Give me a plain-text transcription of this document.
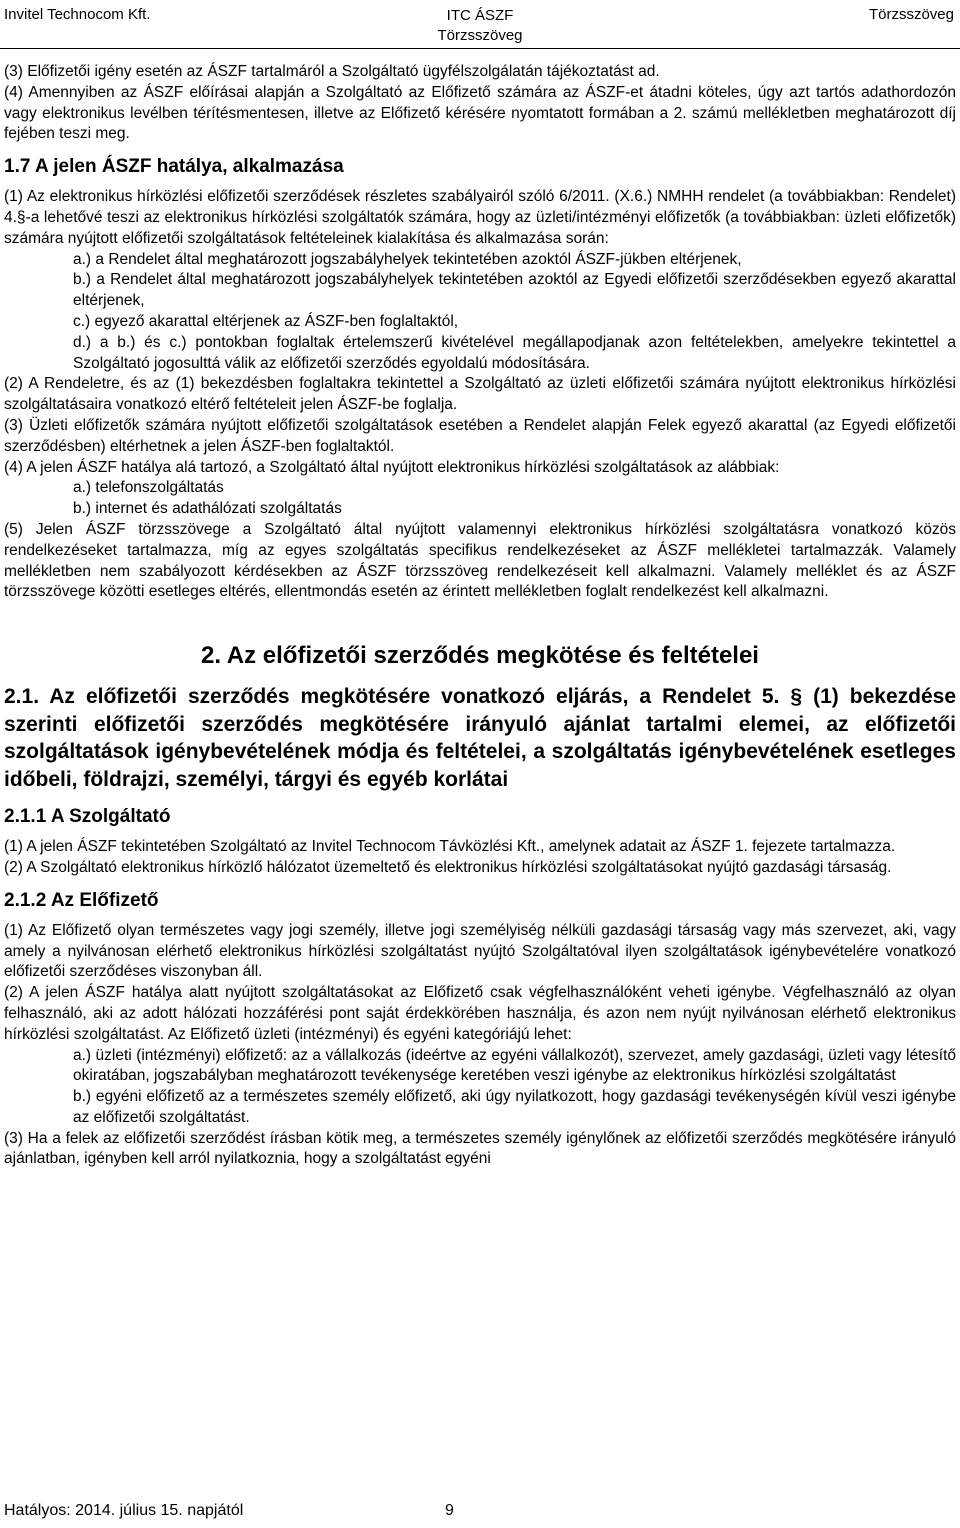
Invitel Technocom Kft.	ITC ÁSZF
Törzsszöveg
Törzsszöveg

(3) Előfizetői igény esetén az ÁSZF tartalmáról a Szolgáltató ügyfélszolgálatán tájékoztatást ad.

(4) Amennyiben az ÁSZF előírásai alapján a Szolgáltató az Előfizető számára az ÁSZF-et átadni köteles, úgy azt tartós adathordozón vagy elektronikus levélben térítésmentesen, illetve az Előfizető kérésére nyomtatott formában a 2. számú mellékletben meghatározott díj fejében teszi meg.

1.7 A jelen ÁSZF hatálya, alkalmazása

(1) Az elektronikus hírközlési előfizetői szerződések részletes szabályairól szóló 6/2011. (X.6.) NMHH rendelet (a továbbiakban: Rendelet) 4.§-a lehetővé teszi az elektronikus hírközlési szolgáltatók számára, hogy az üzleti/intézményi előfizetők (a továbbiakban: üzleti előfizetők) számára nyújtott előfizetői szolgáltatások feltételeinek kialakítása és alkalmazása során:

a.) a Rendelet által meghatározott jogszabályhelyek tekintetében azoktól ÁSZF-jükben eltérjenek,

b.) a Rendelet által meghatározott jogszabályhelyek tekintetében azoktól az Egyedi előfizetői szerződésekben egyező akarattal eltérjenek,

c.) egyező akarattal eltérjenek az ÁSZF-ben foglaltaktól,

d.) a b.) és c.) pontokban foglaltak értelemszerű kivételével megállapodjanak azon feltételekben, amelyekre tekintettel a Szolgáltató jogosulttá válik az előfizetői szerződés egyoldalú módosítására.

(2) A Rendeletre, és az (1) bekezdésben foglaltakra tekintettel a Szolgáltató az üzleti előfizetői számára nyújtott elektronikus hírközlési szolgáltatásaira vonatkozó eltérő feltételeit jelen ÁSZF-be foglalja.

(3) Üzleti előfizetők számára nyújtott előfizetői szolgáltatások esetében a Rendelet alapján Felek egyező akarattal (az Egyedi előfizetői szerződésben) eltérhetnek a jelen ÁSZF-ben foglaltaktól.

(4) A jelen ÁSZF hatálya alá tartozó, a Szolgáltató által nyújtott elektronikus hírközlési szolgáltatások az alábbiak:

a.) telefonszolgáltatás

b.) internet és adathálózati szolgáltatás

(5) Jelen ÁSZF törzsszövege a Szolgáltató által nyújtott valamennyi elektronikus hírközlési szolgáltatásra vonatkozó közös rendelkezéseket tartalmazza, míg az egyes szolgáltatás specifikus rendelkezéseket az ÁSZF mellékletei tartalmazzák. Valamely mellékletben nem szabályozott kérdésekben az ÁSZF törzsszöveg rendelkezéseit kell alkalmazni. Valamely melléklet és az ÁSZF törzsszövege közötti esetleges eltérés, ellentmondás esetén az érintett mellékletben foglalt rendelkezést kell alkalmazni.

2. Az előfizetői szerződés megkötése és feltételei
2.1. Az előfizetői szerződés megkötésére vonatkozó eljárás, a Rendelet 5. § (1) bekezdése szerinti előfizetői szerződés megkötésére irányuló ajánlat tartalmi elemei, az előfizetői szolgáltatások igénybevételének módja és feltételei, a szolgáltatás igénybevételének esetleges időbeli, földrajzi, személyi, tárgyi és egyéb korlátai
2.1.1 A Szolgáltató

(1) A jelen ÁSZF tekintetében Szolgáltató az Invitel Technocom Távközlési Kft., amelynek adatait az ÁSZF 1. fejezete tartalmazza.

(2) A Szolgáltató elektronikus hírközlő hálózatot üzemeltető és elektronikus hírközlési szolgáltatásokat nyújtó gazdasági társaság.

2.1.2 Az Előfizető

(1) Az Előfizető olyan természetes vagy jogi személy, illetve jogi személyiség nélküli gazdasági társaság vagy más szervezet, aki, vagy amely a nyilvánosan elérhető elektronikus hírközlési szolgáltatást nyújtó Szolgáltatóval ilyen szolgáltatások igénybevételére vonatkozó előfizetői szerződéses viszonyban áll.

(2) A jelen ÁSZF hatálya alatt nyújtott szolgáltatásokat az Előfizető csak végfelhasználóként veheti igénybe. Végfelhasználó az olyan felhasználó, aki az adott hálózati hozzáférési pont saját érdekkörében használja, és azon nem nyújt nyilvánosan elérhető elektronikus hírközlési szolgáltatást. Az Előfizető üzleti (intézményi) és egyéni kategóriájú lehet:

a.) üzleti (intézményi) előfizető: az a vállalkozás (ideértve az egyéni vállalkozót), szervezet, amely gazdasági, üzleti vagy létesítő okiratában, jogszabályban meghatározott tevékenysége keretében veszi igénybe az elektronikus hírközlési szolgáltatást

b.) egyéni előfizető az a természetes személy előfizető, aki úgy nyilatkozott, hogy gazdasági tevékenységén kívül veszi igénybe az előfizetői szolgáltatást.

(3) Ha a felek az előfizetői szerződést írásban kötik meg, a természetes személy igénylőnek az előfizetői szerződés megkötésére irányuló ajánlatban, igényben kell arról nyilatkoznia, hogy a szolgáltatást egyéni

Hatályos: 2014. július 15. napjától	9
